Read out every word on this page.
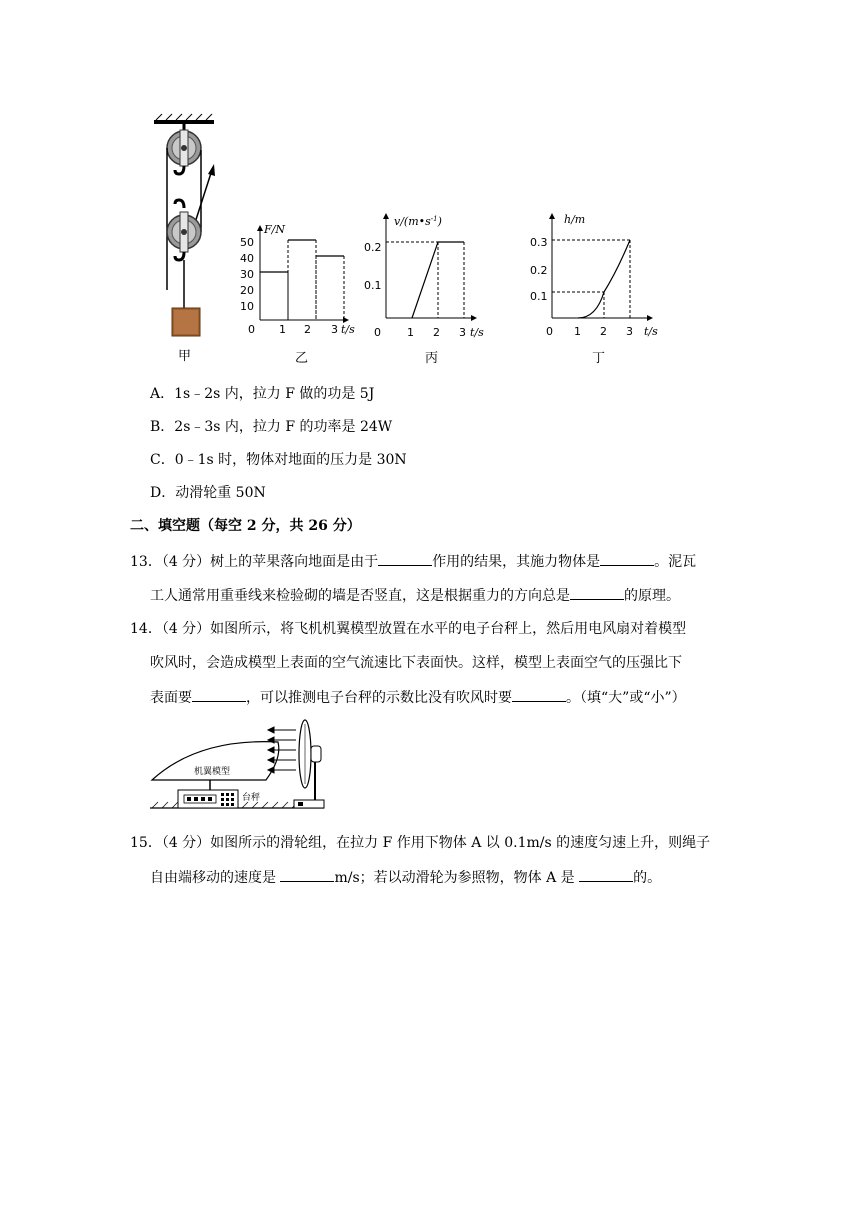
甲
F/N
t/s
50
40
30
20
10
0 1 2 3
乙
$v/(m•s^{-1})$
t/s
0.2
0.1
0 1 2 3
丙
h/m
t/s
0.3
0.2
0.1
0 1 2 3
丁
A．1s﹣2s 内，拉力 F 做的功是 5J
B．2s﹣3s 内，拉力 F 的功率是 24W
C．0﹣1s 时，物体对地面的压力是 30N
D．动滑轮重 50N
二、填空题（每空 2 分，共 26 分）
13．（4 分）树上的苹果落向地面是由于	作用的结果，其施力物体是	。泥瓦
工人通常用重垂线来检验砌的墙是否竖直，这是根据重力的方向总是	的原理。
14．（4 分）如图所示，将飞机机翼模型放置在水平的电子台秤上，然后用电风扇对着模型
吹风时，会造成模型上表面的空气流速比下表面快。这样，模型上表面空气的压强比下
表面要	，可以推测电子台秤的示数比没有吹风时要	。（填“大”或“小”）
机翼模型
台秤
15．（4 分）如图所示的滑轮组，在拉力 F 作用下物体 A 以 0.1m/s 的速度匀速上升，则绳子
自由端移动的速度是	m/s；若以动滑轮为参照物，物体 A 是	的。
